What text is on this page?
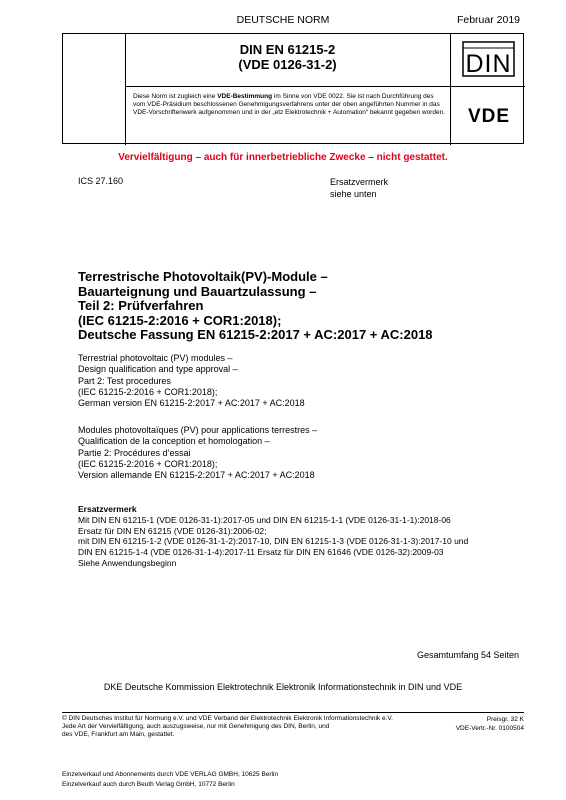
DEUTSCHE NORM	Februar 2019
DIN EN 61215-2
(VDE 0126-31-2)	DIN
Diese Norm ist zugleich eine VDE-Bestimmung im Sinne von VDE 0022. Sie ist nach Durchführung des vom VDE-Präsidium beschlossenen Genehmigungsverfahrens unter der oben angeführten Nummer in das VDE-Vorschriftenwerk aufgenommen und in der „etz Elektrotechnik + Automation“ bekannt gegeben worden. VDE
Vervielfältigung – auch für innerbetriebliche Zwecke – nicht gestattet.
ICS 27.160	Ersatzvermerk
siehe unten
Terrestrische Photovoltaik(PV)-Module –
Bauarteignung und Bauartzulassung –
Teil 2: Prüfverfahren
(IEC 61215-2:2016 + COR1:2018);
Deutsche Fassung EN 61215-2:2017 + AC:2017 + AC:2018
Terrestrial photovoltaic (PV) modules –
Design qualification and type approval –
Part 2: Test procedures
(IEC 61215-2:2016 + COR1:2018);
German version EN 61215-2:2017 + AC:2017 + AC:2018
Modules photovoltaïques (PV) pour applications terrestres –
Qualification de la conception et homologation –
Partie 2: Procédures d’essai
(IEC 61215-2:2016 + COR1:2018);
Version allemande EN 61215-2:2017 + AC:2017 + AC:2018
Ersatzvermerk
Mit DIN EN 61215-1 (VDE 0126-31-1):2017-05 und DIN EN 61215-1-1 (VDE 0126-31-1-1):2018-06
Ersatz für DIN EN 61215 (VDE 0126-31):2006-02;
mit DIN EN 61215-1-2 (VDE 0126-31-1-2):2017-10, DIN EN 61215-1-3 (VDE 0126-31-1-3):2017-10 und
DIN EN 61215-1-4 (VDE 0126-31-1-4):2017-11 Ersatz für DIN EN 61646 (VDE 0126-32):2009-03
Siehe Anwendungsbeginn
Gesamtumfang 54 Seiten
DKE Deutsche Kommission Elektrotechnik Elektronik Informationstechnik in DIN und VDE
© DIN Deutsches Institut für Normung e.V. und VDE Verband der Elektrotechnik Elektronik Informationstechnik e.V.
Jede Art der Vervielfältigung, auch auszugsweise, nur mit Genehmigung des DIN, Berlin, und
des VDE, Frankfurt am Main, gestattet.
Preisgr. 32 K
VDE-Vertr.-Nr. 0100504
Einzelverkauf und Abonnements durch VDE VERLAG GMBH, 10625 Berlin
Einzelverkauf auch durch Beuth Verlag GmbH, 10772 Berlin
